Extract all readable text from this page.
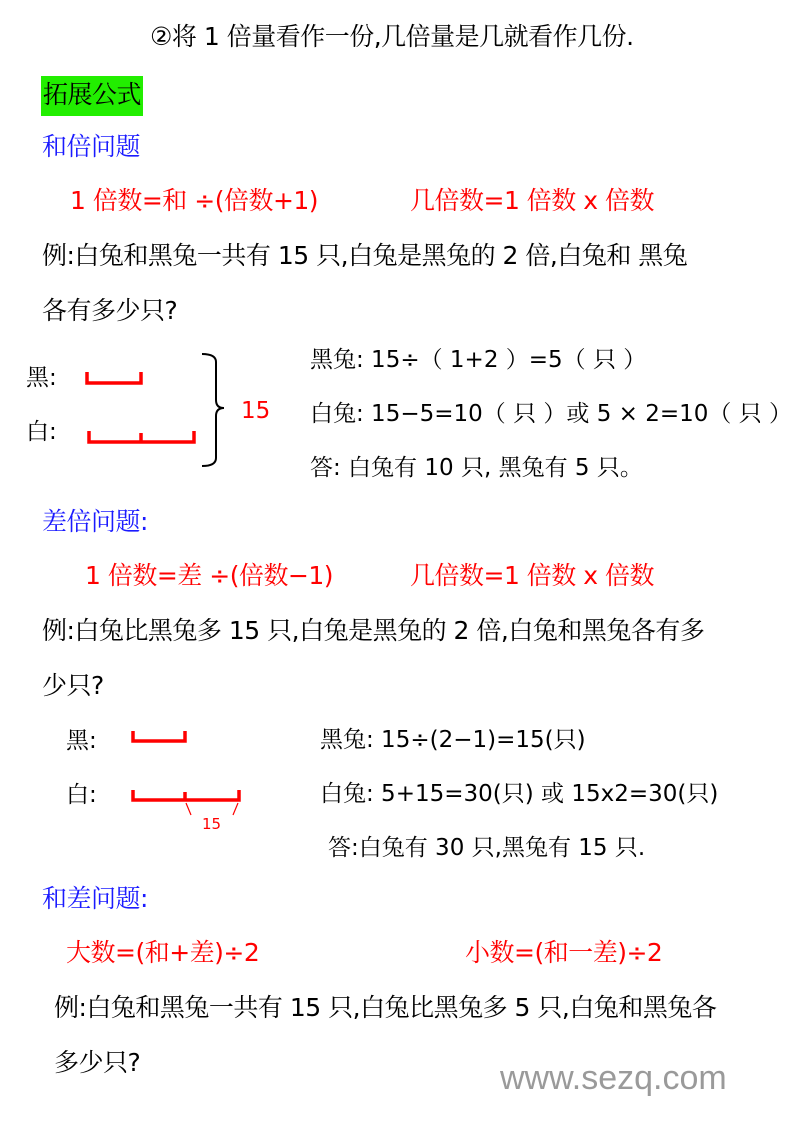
②将 1 倍量看作一份,几倍量是几就看作几份.
拓展公式
和倍问题
1 倍数=和 ÷(倍数+1)	几倍数=1 倍数 x 倍数
例:白兔和黑兔一共有 15 只,白兔是黑兔的 2 倍,白兔和 黑兔
各有多少只?
黑:
白:
15
黑兔: 15÷（ 1+2 ）=5（ 只 ）
白兔: 15−5=10（ 只 ）或 5 × 2=10（ 只 ）
答: 白兔有 10 只, 黑兔有 5 只。
差倍问题:
1 倍数=差 ÷(倍数−1)	几倍数=1 倍数 x 倍数
例:白兔比黑兔多 15 只,白兔是黑兔的 2 倍,白兔和黑兔各有多
少只?
黑:
白:
15
黑兔: 15÷(2−1)=15(只)
白兔: 5+15=30(只) 或 15x2=30(只)
答:白兔有 30 只,黑兔有 15 只.
和差问题:
大数=(和+差)÷2	小数=(和一差)÷2
例:白兔和黑兔一共有 15 只,白兔比黑兔多 5 只,白兔和黑兔各
多少只?	www.sezq.com
